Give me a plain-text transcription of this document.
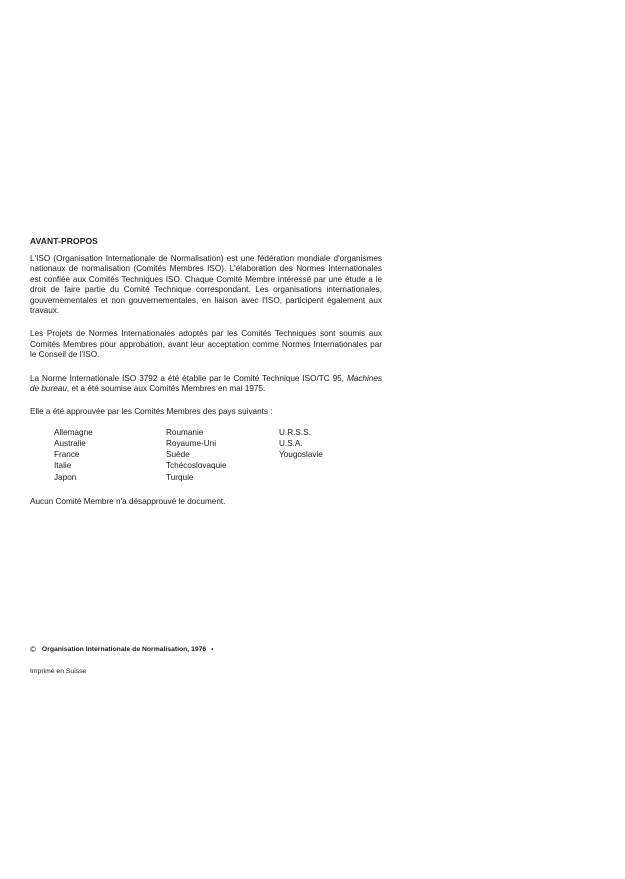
AVANT-PROPOS

L'ISO (Organisation Internationale de Normalisation) est une fédération mondiale d'organismes nationaux de normalisation (Comités Membres ISO). L'élaboration des Normes Internationales est confiée aux Comités Techniques ISO. Chaque Comité Membre intéressé par une étude a le droit de faire partie du Comité Technique correspondant. Les organisations internationales, gouvernementales et non gouvernementales, en liaison avec l'ISO, participent également aux travaux.

Les Projets de Normes Internationales adoptés par les Comités Techniques sont soumis aux Comités Membres pour approbation, avant leur acceptation comme Normes Internationales par le Conseil de l'ISO.

La Norme Internationale ISO 3792 a été établie par le Comité Technique ISO/TC 95, Machines de bureau, et a été soumise aux Comités Membres en mai 1975.

Elle a été approuvée par les Comités Membres des pays suivants :

Allemagne
Australie
France
Italie
Japon
Roumanie
Royaume-Uni
Suède
Tchécoslovaquie
Turquie
U.R.S.S.
U.S.A.
Yougoslavie

Aucun Comité Membre n'a désapprouvé le document.

© Organisation Internationale de Normalisation, 1976 •
Imprimé en Suisse
